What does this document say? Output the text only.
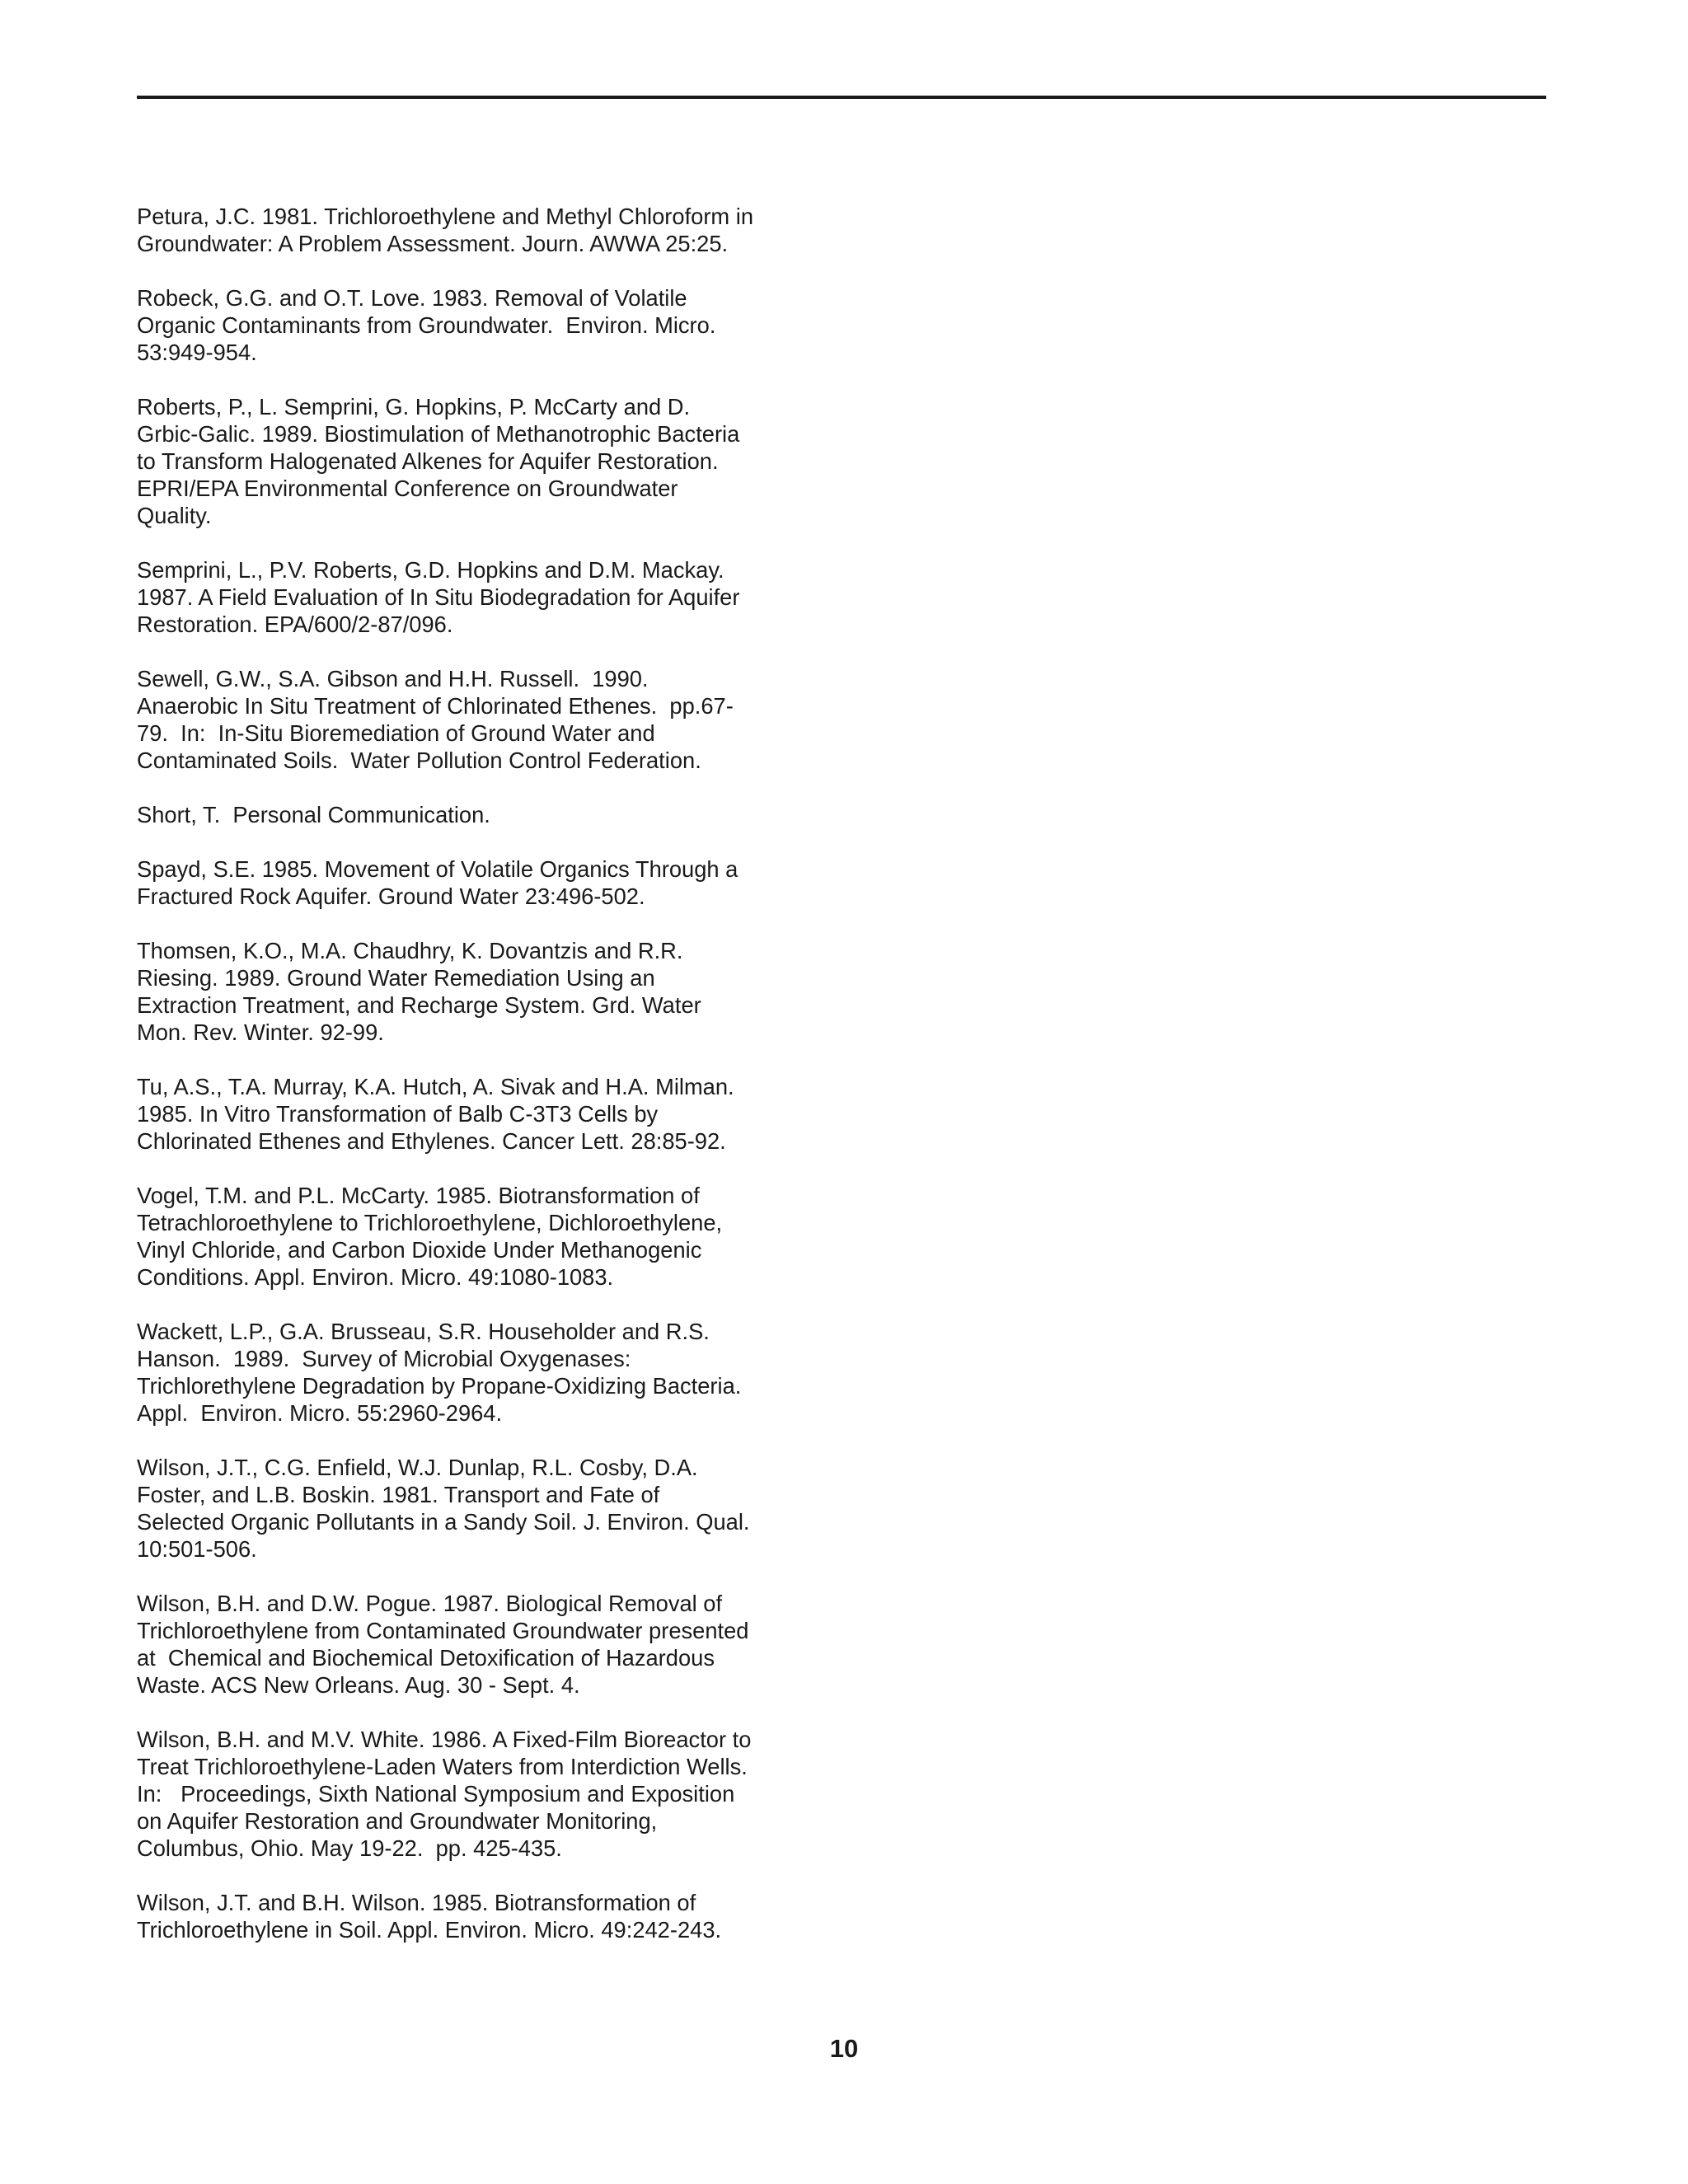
Petura, J.C. 1981. Trichloroethylene and Methyl Chloroform in
Groundwater: A Problem Assessment. Journ. AWWA 25:25.
Robeck, G.G. and O.T. Love. 1983. Removal of Volatile
Organic Contaminants from Groundwater.  Environ. Micro.
53:949-954.
Roberts, P., L. Semprini, G. Hopkins, P. McCarty and D.
Grbic-Galic. 1989. Biostimulation of Methanotrophic Bacteria
to Transform Halogenated Alkenes for Aquifer Restoration.
EPRI/EPA Environmental Conference on Groundwater
Quality.
Semprini, L., P.V. Roberts, G.D. Hopkins and D.M. Mackay.
1987. A Field Evaluation of In Situ Biodegradation for Aquifer
Restoration. EPA/600/2-87/096.
Sewell, G.W., S.A. Gibson and H.H. Russell.  1990.
Anaerobic In Situ Treatment of Chlorinated Ethenes.  pp.67-
79.  In:  In-Situ Bioremediation of Ground Water and
Contaminated Soils.  Water Pollution Control Federation.
Short, T.  Personal Communication.
Spayd, S.E. 1985. Movement of Volatile Organics Through a
Fractured Rock Aquifer. Ground Water 23:496-502.
Thomsen, K.O., M.A. Chaudhry, K. Dovantzis and R.R.
Riesing. 1989. Ground Water Remediation Using an
Extraction Treatment, and Recharge System. Grd. Water
Mon. Rev. Winter. 92-99.
Tu, A.S., T.A. Murray, K.A. Hutch, A. Sivak and H.A. Milman.
1985. In Vitro Transformation of Balb C-3T3 Cells by
Chlorinated Ethenes and Ethylenes. Cancer Lett. 28:85-92.
Vogel, T.M. and P.L. McCarty. 1985. Biotransformation of
Tetrachloroethylene to Trichloroethylene, Dichloroethylene,
Vinyl Chloride, and Carbon Dioxide Under Methanogenic
Conditions. Appl. Environ. Micro. 49:1080-1083.
Wackett, L.P., G.A. Brusseau, S.R. Householder and R.S.
Hanson.  1989.  Survey of Microbial Oxygenases:
Trichlorethylene Degradation by Propane-Oxidizing Bacteria.
Appl.  Environ. Micro. 55:2960-2964.
Wilson, J.T., C.G. Enfield, W.J. Dunlap, R.L. Cosby, D.A.
Foster, and L.B. Boskin. 1981. Transport and Fate of
Selected Organic Pollutants in a Sandy Soil. J. Environ. Qual.
10:501-506.
Wilson, B.H. and D.W. Pogue. 1987. Biological Removal of
Trichloroethylene from Contaminated Groundwater presented
at  Chemical and Biochemical Detoxification of Hazardous
Waste. ACS New Orleans. Aug. 30 - Sept. 4.
Wilson, B.H. and M.V. White. 1986. A Fixed-Film Bioreactor to
Treat Trichloroethylene-Laden Waters from Interdiction Wells.
In:   Proceedings, Sixth National Symposium and Exposition
on Aquifer Restoration and Groundwater Monitoring,
Columbus, Ohio. May 19-22.  pp. 425-435.
Wilson, J.T. and B.H. Wilson. 1985. Biotransformation of
Trichloroethylene in Soil. Appl. Environ. Micro. 49:242-243.
10
